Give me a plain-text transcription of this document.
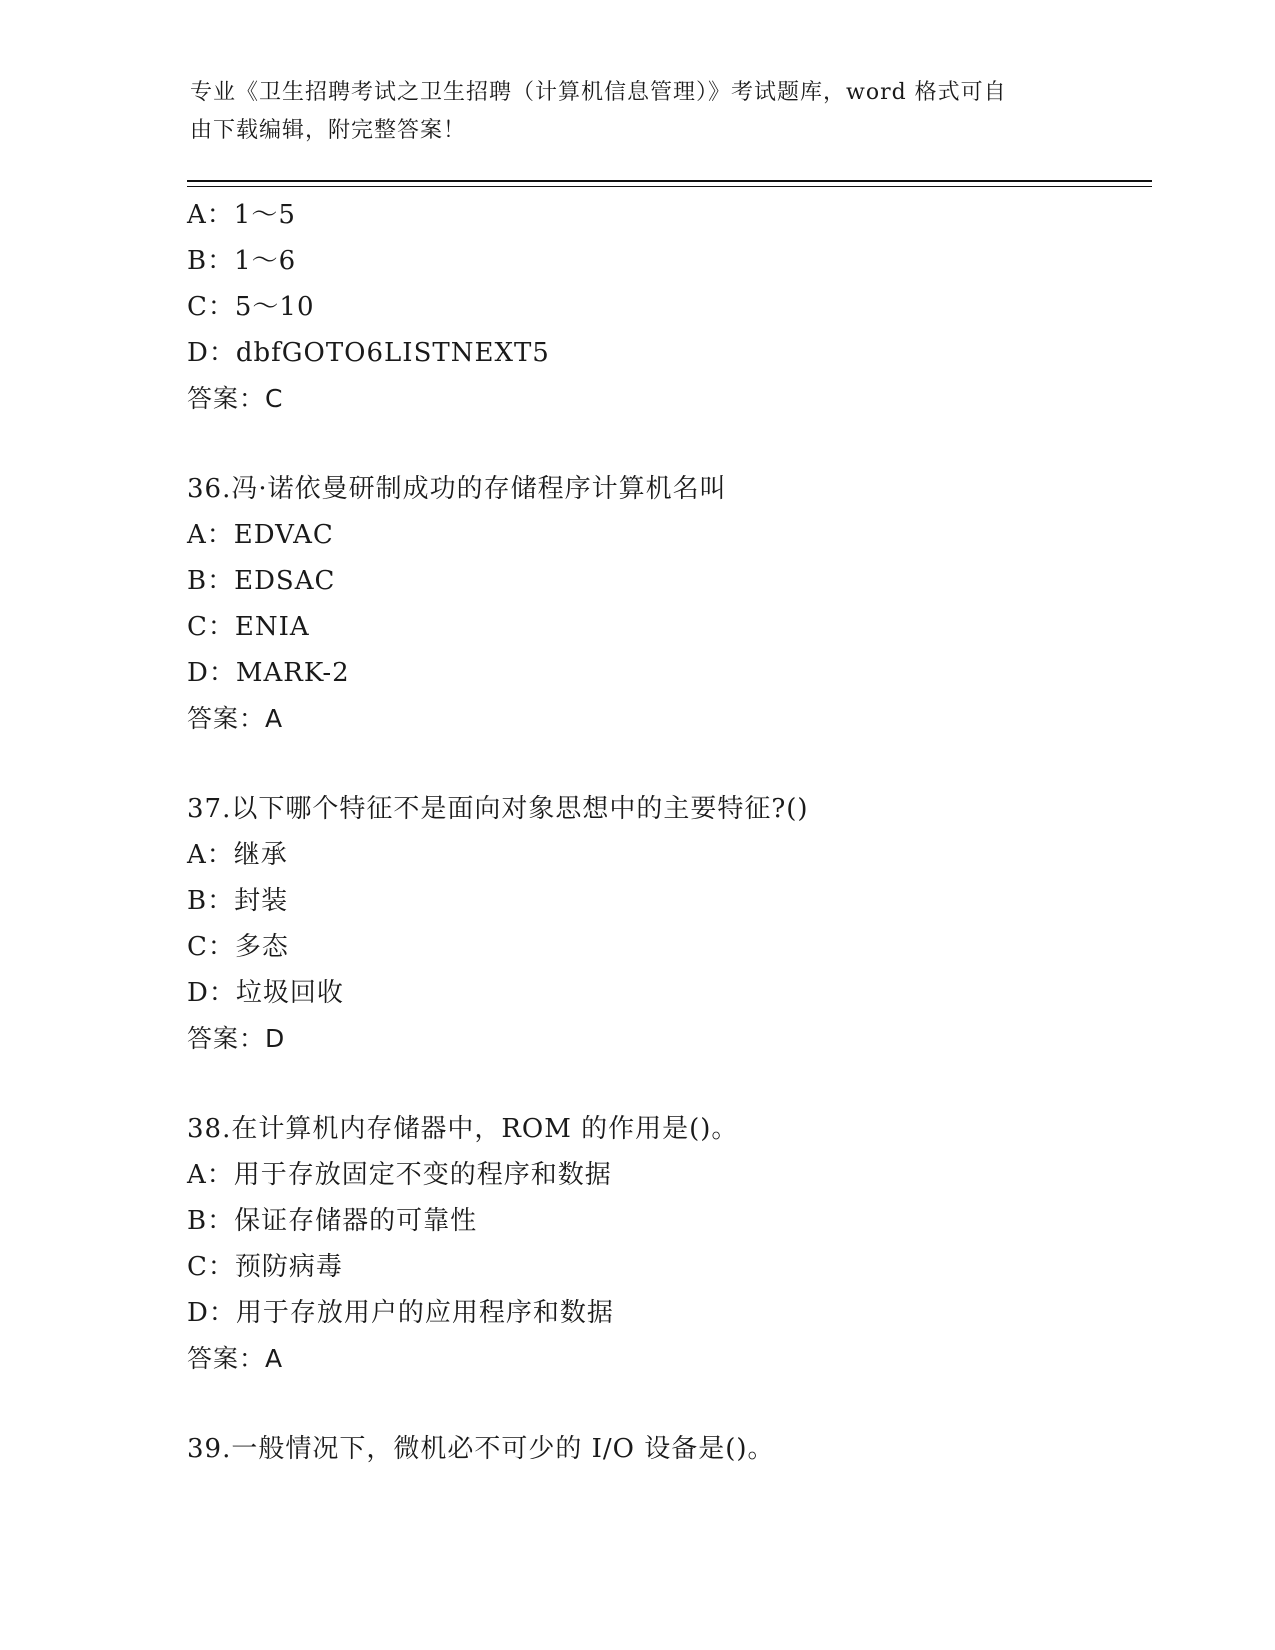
专业《卫生招聘考试之卫生招聘（计算机信息管理）》考试题库，word 格式可自
由下载编辑，附完整答案！
A：1～5
B：1～6
C：5～10
D：dbfGOTO6LISTNEXT5
答案：C
36.冯·诺依曼研制成功的存储程序计算机名叫
A：EDVAC
B：EDSAC
C：ENIA
D：MARK-2
答案：A
37.以下哪个特征不是面向对象思想中的主要特征?()
A：继承
B：封装
C：多态
D：垃圾回收
答案：D
38.在计算机内存储器中，ROM 的作用是()。
A：用于存放固定不变的程序和数据
B：保证存储器的可靠性
C：预防病毒
D：用于存放用户的应用程序和数据
答案：A
39.一般情况下，微机必不可少的 I/O 设备是()。
